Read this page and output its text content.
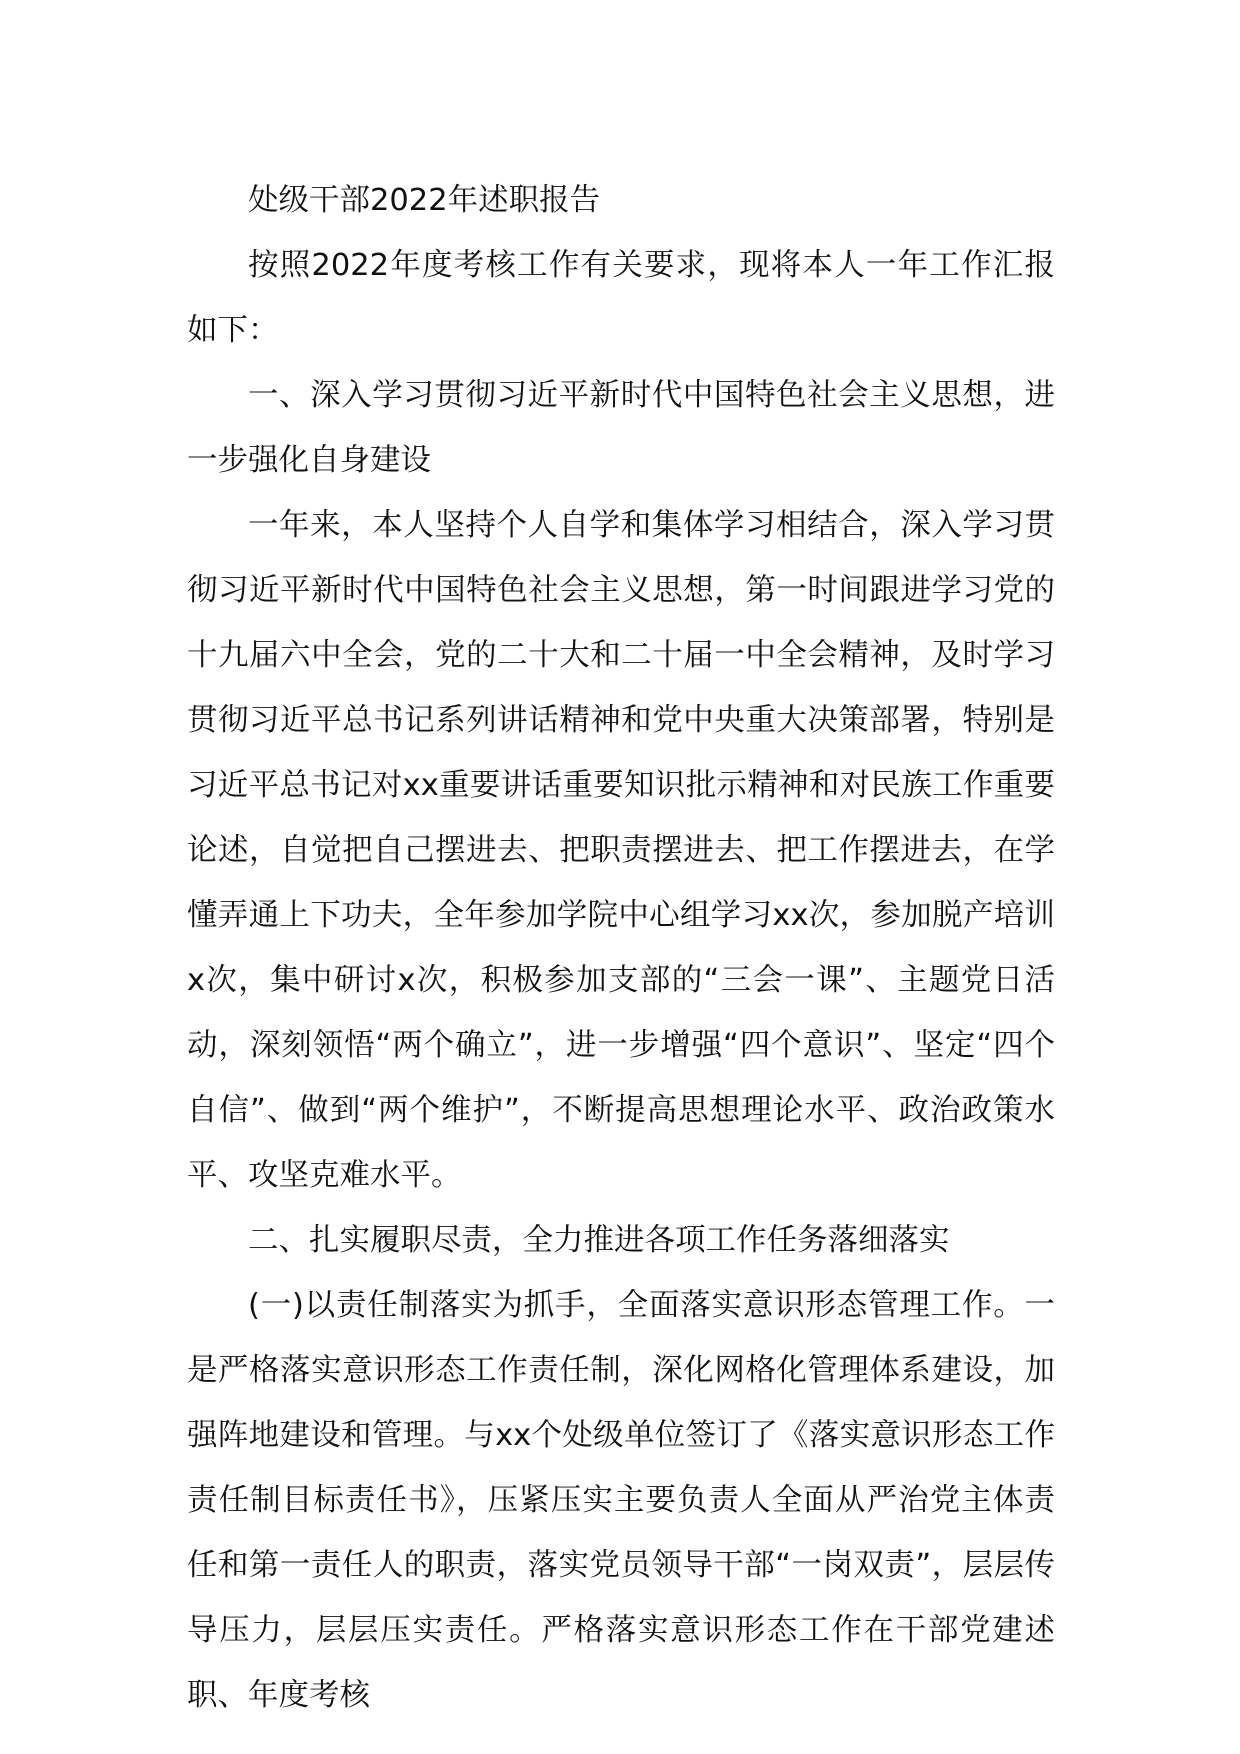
处级干部2022年述职报告

按照2022年度考核工作有关要求，现将本人一年工作汇报如下：

一、深入学习贯彻习近平新时代中国特色社会主义思想，进一步强化自身建设

一年来，本人坚持个人自学和集体学习相结合，深入学习贯彻习近平新时代中国特色社会主义思想，第一时间跟进学习党的十九届六中全会，党的二十大和二十届一中全会精神，及时学习贯彻习近平总书记系列讲话精神和党中央重大决策部署，特别是习近平总书记对xx重要讲话重要知识批示精神和对民族工作重要论述，自觉把自己摆进去、把职责摆进去、把工作摆进去，在学懂弄通上下功夫，全年参加学院中心组学习xx次，参加脱产培训x次，集中研讨x次，积极参加支部的“三会一课”、主题党日活动，深刻领悟“两个确立”，进一步增强“四个意识”、坚定“四个自信”、做到“两个维护”，不断提高思想理论水平、政治政策水平、攻坚克难水平。

二、扎实履职尽责，全力推进各项工作任务落细落实

(一)以责任制落实为抓手，全面落实意识形态管理工作。一是严格落实意识形态工作责任制，深化网格化管理体系建设，加强阵地建设和管理。与xx个处级单位签订了《落实意识形态工作责任制目标责任书》，压紧压实主要负责人全面从严治党主体责任和第一责任人的职责，落实党员领导干部“一岗双责”，层层传导压力，层层压实责任。严格落实意识形态工作在干部党建述职、年度考核
